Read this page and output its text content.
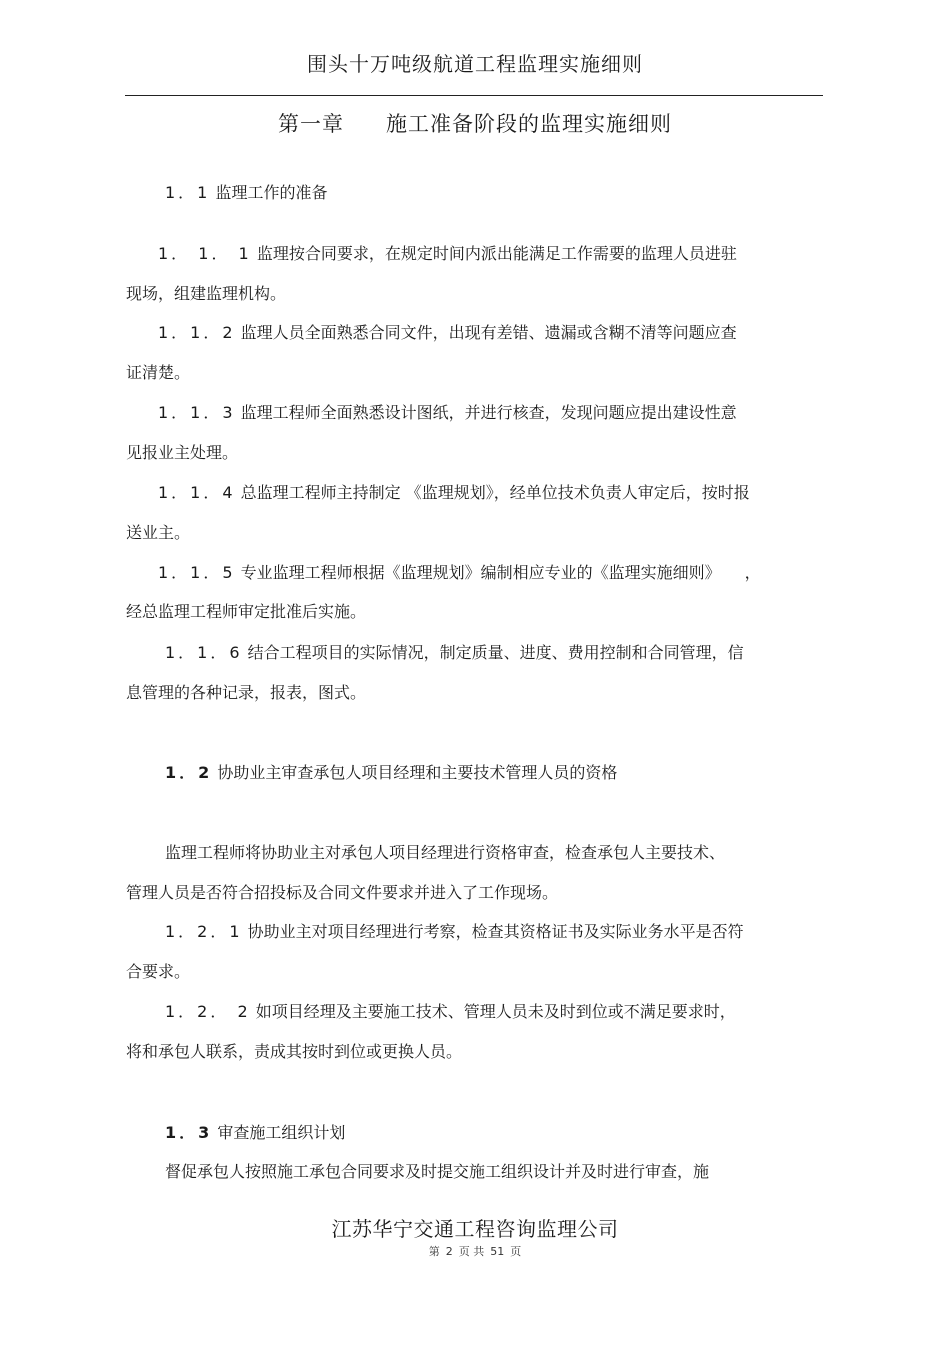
围头十万吨级航道工程监理实施细则
第一章 施工准备阶段的监理实施细则
1．1 监理工作的准备
1． 1． 1 监理按合同要求，在规定时间内派出能满足工作需要的监理人员进驻
现场，组建监理机构。
1．1．2 监理人员全面熟悉合同文件，出现有差错、遗漏或含糊不清等问题应查
证清楚。
1．1．3 监理工程师全面熟悉设计图纸，并进行核查，发现问题应提出建设性意
见报业主处理。
1．1．4 总监理工程师主持制定 《监理规划》，经单位技术负责人审定后，按时报
送业主。
1．1．5 专业监理工程师根据《监理规划》编制相应专业的《监理实施细则》　　，
经总监理工程师审定批准后实施。
1．1．6 结合工程项目的实际情况，制定质量、进度、费用控制和合同管理，信
息管理的各种记录，报表，图式。
1．2 协助业主审查承包人项目经理和主要技术管理人员的资格
监理工程师将协助业主对承包人项目经理进行资格审查，检查承包人主要技术、
管理人员是否符合招投标及合同文件要求并进入了工作现场。
1．2．1 协助业主对项目经理进行考察，检查其资格证书及实际业务水平是否符
合要求。
1．2． 2 如项目经理及主要施工技术、管理人员未及时到位或不满足要求时，
将和承包人联系，责成其按时到位或更换人员。
1．3 审查施工组织计划
督促承包人按照施工承包合同要求及时提交施工组织设计并及时进行审查，施
江苏华宁交通工程咨询监理公司
第 2 页 共 51 页
